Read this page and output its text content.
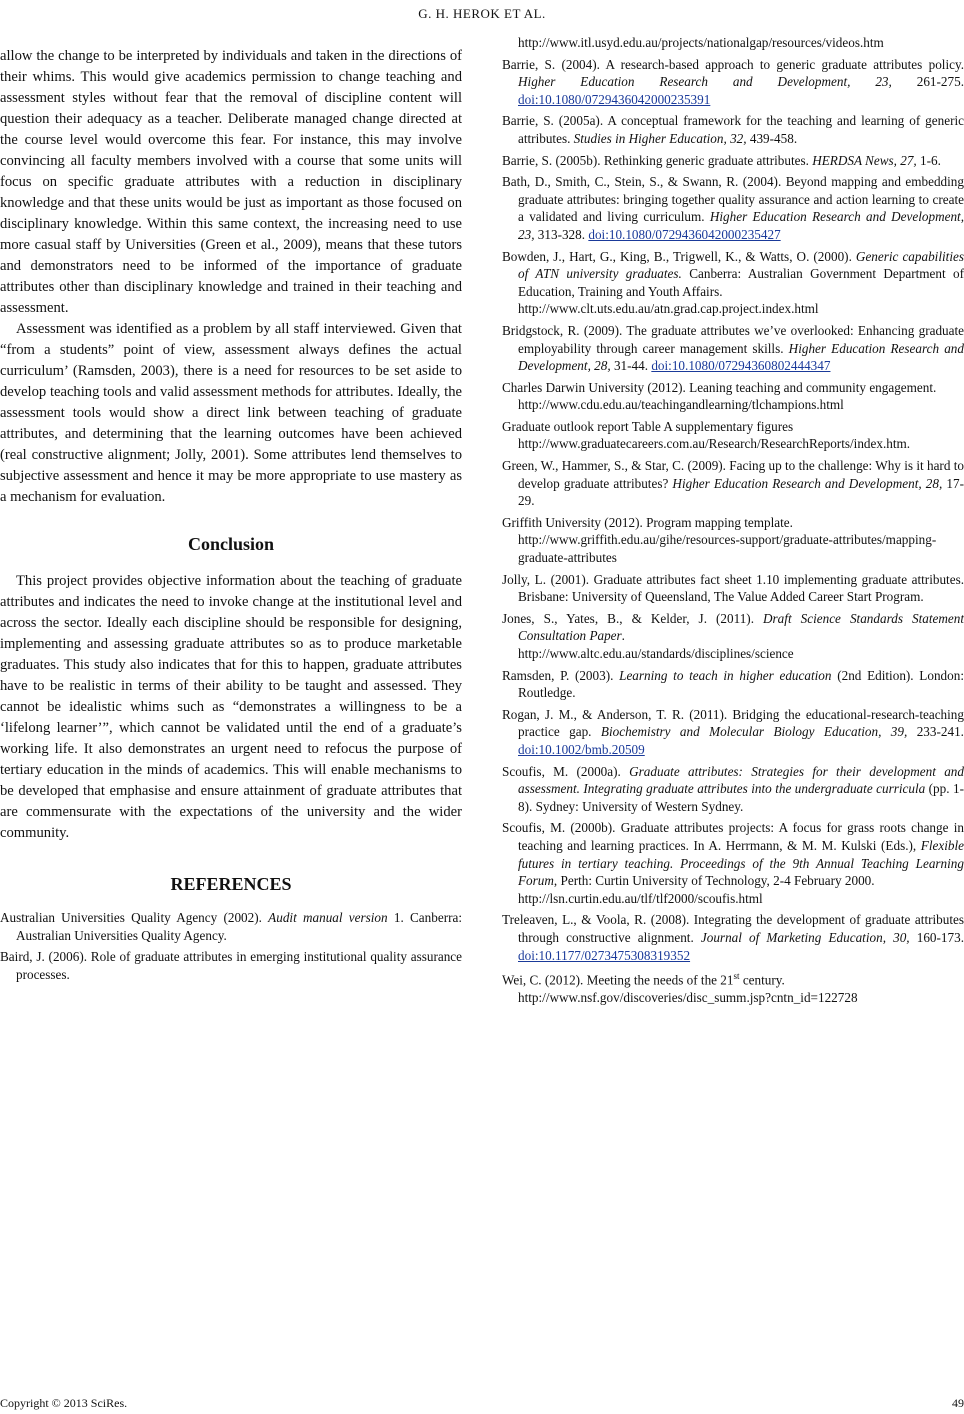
G. H. HEROK ET AL.

allow the change to be interpreted by individuals and taken in the directions of their whims. This would give academics permission to change teaching and assessment styles without fear that the removal of discipline content will question their adequacy as a teacher. Deliberate managed change directed at the course level would overcome this fear. For instance, this may involve convincing all faculty members involved with a course that some units will focus on specific graduate attributes with a reduction in disciplinary knowledge and that these units would be just as important as those focused on disciplinary knowledge. Within this same context, the increasing need to use more casual staff by Universities (Green et al., 2009), means that these tutors and demonstrators need to be informed of the importance of graduate attributes other than disciplinary knowledge and trained in their teaching and assessment.

Assessment was identified as a problem by all staff interviewed. Given that “from a students” point of view, assessment always defines the actual curriculum’ (Ramsden, 2003), there is a need for resources to be set aside to develop teaching tools and valid assessment methods for attributes. Ideally, the assessment tools would show a direct link between teaching of graduate attributes, and determining that the learning outcomes have been achieved (real constructive alignment; Jolly, 2001). Some attributes lend themselves to subjective assessment and hence it may be more appropriate to use mastery as a mechanism for evaluation.

Conclusion

This project provides objective information about the teaching of graduate attributes and indicates the need to invoke change at the institutional level and across the sector. Ideally each discipline should be responsible for designing, implementing and assessing graduate attributes so as to produce marketable graduates. This study also indicates that for this to happen, graduate attributes have to be realistic in terms of their ability to be taught and assessed. They cannot be idealistic whims such as “demonstrates a willingness to be a ‘lifelong learner’”, which cannot be validated until the end of a graduate’s working life. It also demonstrates an urgent need to refocus the purpose of tertiary education in the minds of academics. This will enable mechanisms to be developed that emphasise and ensure attainment of graduate attributes that are commensurate with the expectations of the university and the wider community.

REFERENCES
Australian Universities Quality Agency (2002). Audit manual version 1. Canberra: Australian Universities Quality Agency.
Baird, J. (2006). Role of graduate attributes in emerging institutional quality assurance processes.
http://www.itl.usyd.edu.au/projects/nationalgap/resources/videos.htm
Barrie, S. (2004). A research-based approach to generic graduate attributes policy. Higher Education Research and Development, 23, 261-275. doi:10.1080/0729436042000235391
Barrie, S. (2005a). A conceptual framework for the teaching and learning of generic attributes. Studies in Higher Education, 32, 439-458.
Barrie, S. (2005b). Rethinking generic graduate attributes. HERDSA News, 27, 1-6.
Bath, D., Smith, C., Stein, S., & Swann, R. (2004). Beyond mapping and embedding graduate attributes: bringing together quality assurance and action learning to create a validated and living curriculum. Higher Education Research and Development, 23, 313-328. doi:10.1080/0729436042000235427
Bowden, J., Hart, G., King, B., Trigwell, K., & Watts, O. (2000). Generic capabilities of ATN university graduates. Canberra: Australian Government Department of Education, Training and Youth Affairs.
http://www.clt.uts.edu.au/atn.grad.cap.project.index.html
Bridgstock, R. (2009). The graduate attributes we’ve overlooked: Enhancing graduate employability through career management skills. Higher Education Research and Development, 28, 31-44. doi:10.1080/07294360802444347
Charles Darwin University (2012). Leaning teaching and community engagement.
http://www.cdu.edu.au/teachingandlearning/tlchampions.html
Graduate outlook report Table A supplementary figures
http://www.graduatecareers.com.au/Research/ResearchReports/index.htm.
Green, W., Hammer, S., & Star, C. (2009). Facing up to the challenge: Why is it hard to develop graduate attributes? Higher Education Research and Development, 28, 17-29.
Griffith University (2012). Program mapping template.
http://www.griffith.edu.au/gihe/resources-support/graduate-attributes/mapping-graduate-attributes
Jolly, L. (2001). Graduate attributes fact sheet 1.10 implementing graduate attributes. Brisbane: University of Queensland, The Value Added Career Start Program.
Jones, S., Yates, B., & Kelder, J. (2011). Draft Science Standards Statement Consultation Paper.
http://www.altc.edu.au/standards/disciplines/science
Ramsden, P. (2003). Learning to teach in higher education (2nd Edition). London: Routledge.
Rogan, J. M., & Anderson, T. R. (2011). Bridging the educational-research-teaching practice gap. Biochemistry and Molecular Biology Education, 39, 233-241. doi:10.1002/bmb.20509
Scoufis, M. (2000a). Graduate attributes: Strategies for their development and assessment. Integrating graduate attributes into the undergraduate curricula (pp. 1-8). Sydney: University of Western Sydney.
Scoufis, M. (2000b). Graduate attributes projects: A focus for grass roots change in teaching and learning practices. In A. Herrmann, & M. M. Kulski (Eds.), Flexible futures in tertiary teaching. Proceedings of the 9th Annual Teaching Learning Forum, Perth: Curtin University of Technology, 2-4 February 2000.
http://lsn.curtin.edu.au/tlf/tlf2000/scoufis.html
Treleaven, L., & Voola, R. (2008). Integrating the development of graduate attributes through constructive alignment. Journal of Marketing Education, 30, 160-173. doi:10.1177/0273475308319352
Wei, C. (2012). Meeting the needs of the 21st century.
http://www.nsf.gov/discoveries/disc_summ.jsp?cntn_id=122728
Copyright © 2013 SciRes.	49
